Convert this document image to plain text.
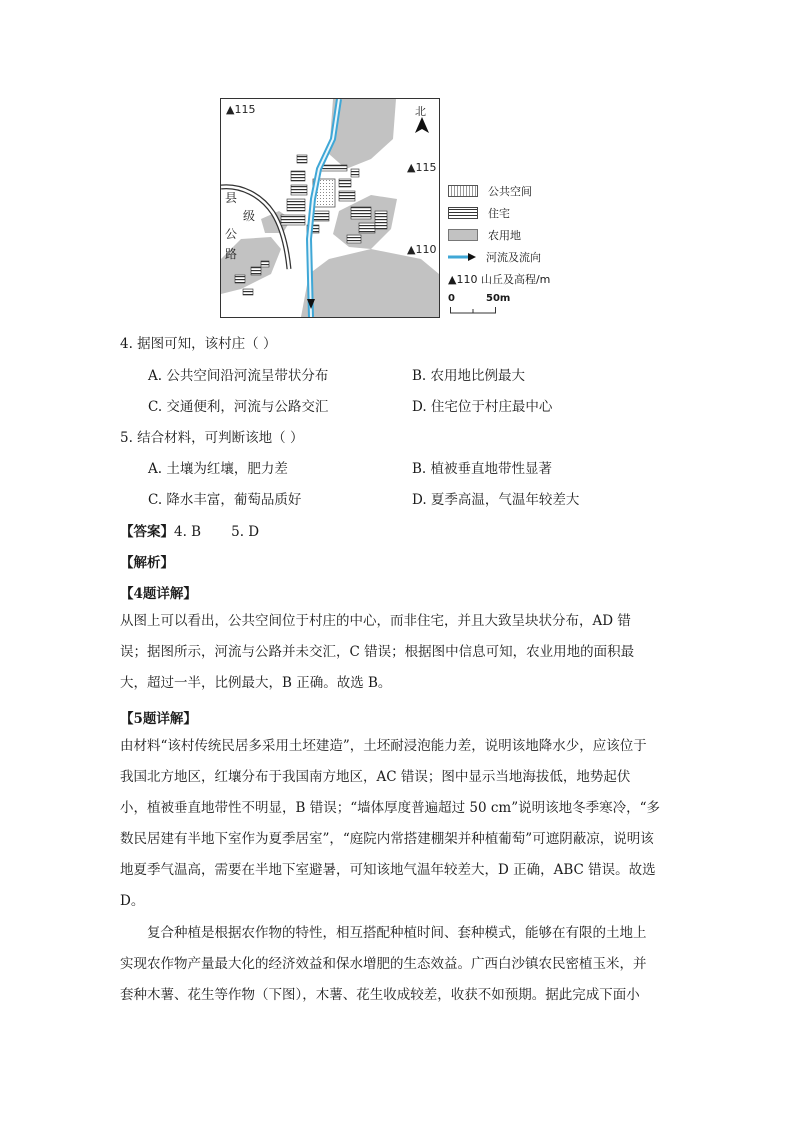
▲115
▲115
▲110
北
县
级
公
路
公共空间
住宅
农用地
河流及流向
▲110 山丘及高程/m
0	50m
4. 据图可知，该村庄（ ）
A. 公共空间沿河流呈带状分布	B. 农用地比例最大
C. 交通便利，河流与公路交汇	D. 住宅位于村庄最中心
5. 结合材料，可判断该地（ ）
A. 土壤为红壤，肥力差	B. 植被垂直地带性显著
C. 降水丰富，葡萄品质好	D. 夏季高温，气温年较差大
【答案】4. B       5. D
【解析】
【4题详解】
从图上可以看出，公共空间位于村庄的中心，而非住宅，并且大致呈块状分布，AD 错
误；据图所示，河流与公路并未交汇，C 错误；根据图中信息可知，农业用地的面积最
大，超过一半，比例最大，B 正确。故选 B。
【5题详解】
由材料“该村传统民居多采用土坯建造”，土坯耐浸泡能力差，说明该地降水少，应该位于
我国北方地区，红壤分布于我国南方地区，AC 错误；图中显示当地海拔低，地势起伏
小，植被垂直地带性不明显，B 错误；“墙体厚度普遍超过 50 cm”说明该地冬季寒冷，“多
数民居建有半地下室作为夏季居室”，“庭院内常搭建棚架并种植葡萄”可遮阴蔽凉，说明该
地夏季气温高，需要在半地下室避暑，可知该地气温年较差大，D 正确，ABC 错误。故选
D。
复合种植是根据农作物的特性，相互搭配种植时间、套种模式，能够在有限的土地上
实现农作物产量最大化的经济效益和保水增肥的生态效益。广西白沙镇农民密植玉米，并
套种木薯、花生等作物（下图），木薯、花生收成较差，收获不如预期。据此完成下面小
